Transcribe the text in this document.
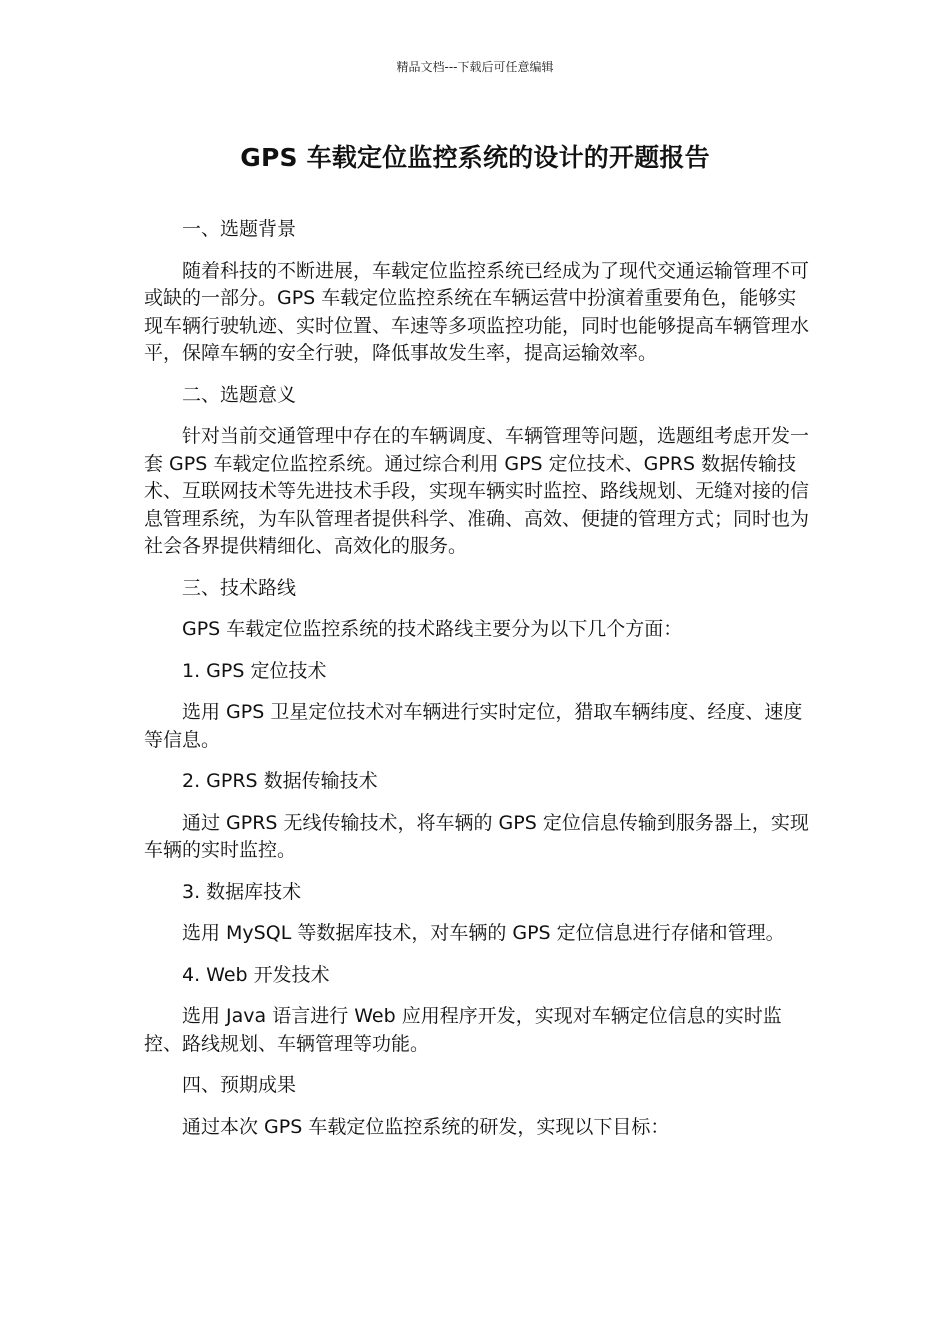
精品文档---下载后可任意编辑
GPS 车载定位监控系统的设计的开题报告
一、选题背景
随着科技的不断进展，车载定位监控系统已经成为了现代交通运输管理不可或缺的一部分。GPS 车载定位监控系统在车辆运营中扮演着重要角色，能够实现车辆行驶轨迹、实时位置、车速等多项监控功能，同时也能够提高车辆管理水平，保障车辆的安全行驶，降低事故发生率，提高运输效率。
二、选题意义
针对当前交通管理中存在的车辆调度、车辆管理等问题，选题组考虑开发一套 GPS 车载定位监控系统。通过综合利用 GPS 定位技术、GPRS 数据传输技术、互联网技术等先进技术手段，实现车辆实时监控、路线规划、无缝对接的信息管理系统，为车队管理者提供科学、准确、高效、便捷的管理方式；同时也为社会各界提供精细化、高效化的服务。
三、技术路线
GPS 车载定位监控系统的技术路线主要分为以下几个方面：
1. GPS 定位技术
选用 GPS 卫星定位技术对车辆进行实时定位，猎取车辆纬度、经度、速度等信息。
2. GPRS 数据传输技术
通过 GPRS 无线传输技术，将车辆的 GPS 定位信息传输到服务器上，实现车辆的实时监控。
3. 数据库技术
选用 MySQL 等数据库技术，对车辆的 GPS 定位信息进行存储和管理。
4. Web 开发技术
选用 Java 语言进行 Web 应用程序开发，实现对车辆定位信息的实时监控、路线规划、车辆管理等功能。
四、预期成果
通过本次 GPS 车载定位监控系统的研发，实现以下目标：
